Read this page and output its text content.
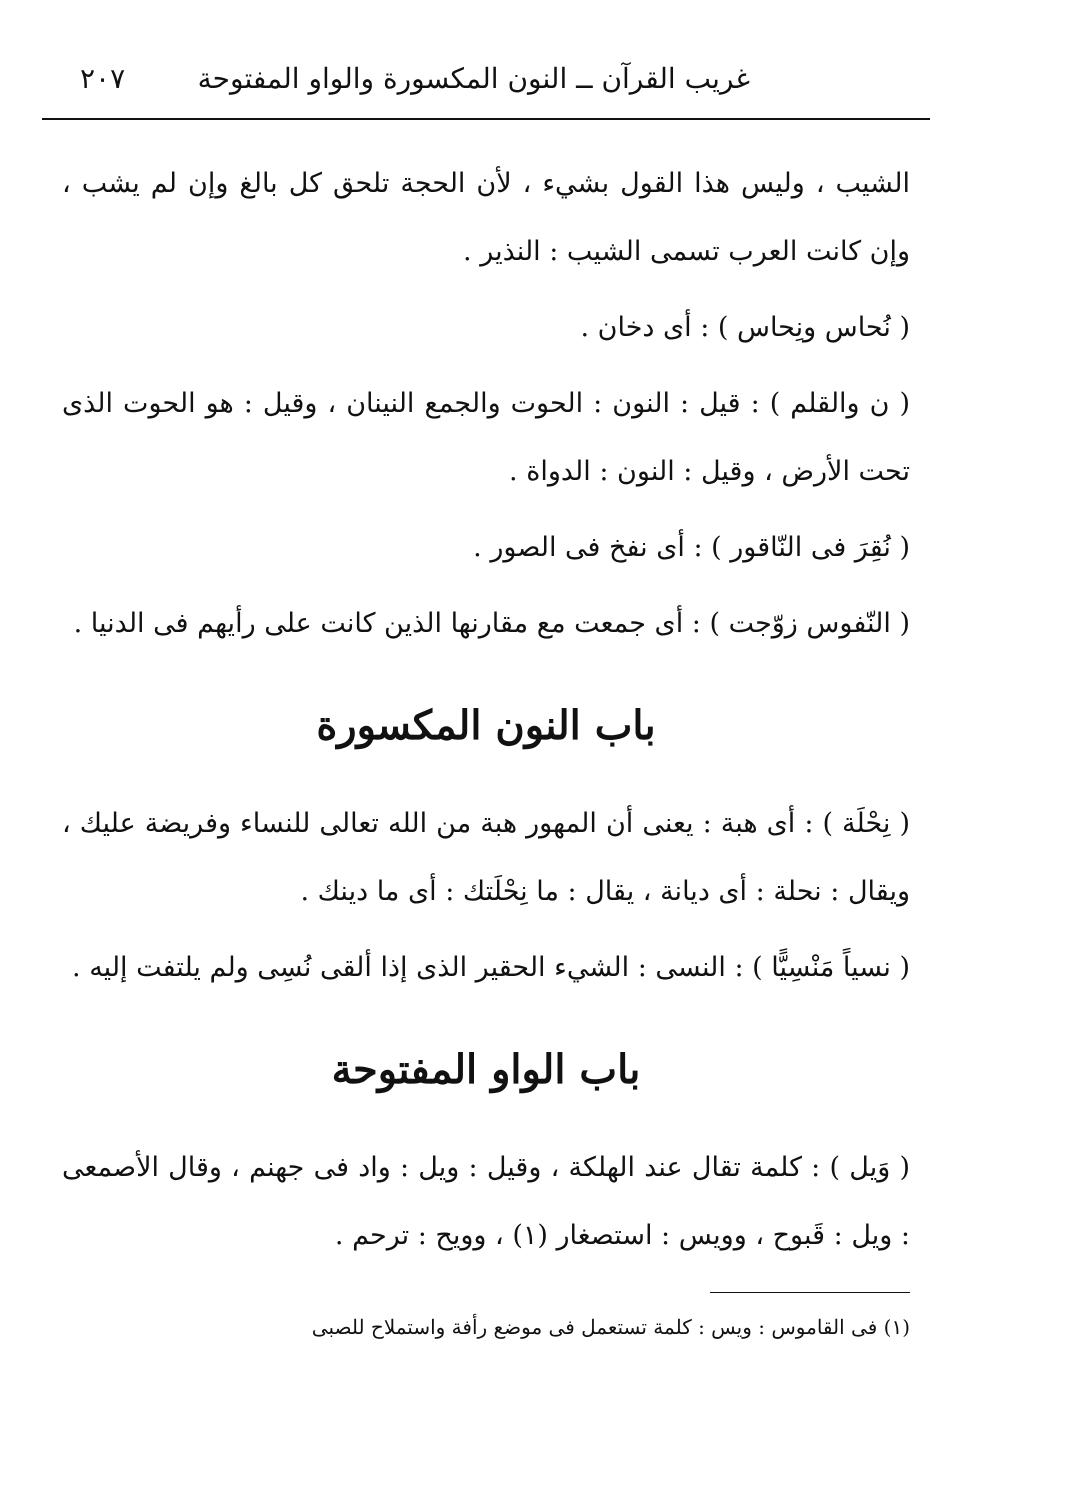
غريب القرآن ــ النون المكسورة والواو المفتوحة
٢٠٧

الشيب ، وليس هذا القول بشيء ، لأن الحجة تلحق كل بالغ وإن لم يشب ، وإن كانت العرب تسمى الشيب : النذير .

( نُحاس ونِحاس ) : أى دخان .

( ن والقلم ) : قيل : النون : الحوت والجمع النينان ، وقيل : هو الحوت الذى تحت الأرض ، وقيل : النون : الدواة .

( نُقِرَ فى النّاقور ) : أى نفخ فى الصور .

( النّفوس زوّجت ) : أى جمعت مع مقارنها الذين كانت على رأيهم فى الدنيا .

باب النون المكسورة

( نِحْلَة ) : أى هبة : يعنى أن المهور هبة من الله تعالى للنساء وفريضة عليك ، ويقال : نحلة : أى ديانة ، يقال : ما نِحْلَتك : أى ما دينك .

( نسياً مَنْسِيًّا ) : النسى : الشيء الحقير الذى إذا ألقى نُسِى ولم يلتفت إليه .

باب الواو المفتوحة

( وَيل ) : كلمة تقال عند الهلكة ، وقيل : ويل : واد فى جهنم ، وقال الأصمعى : ويل : قَبوح ، وويس : استصغار (١) ، وويح : ترحم .

(١) فى القاموس : ويس : كلمة تستعمل فى موضع رأفة واستملاح للصبى
